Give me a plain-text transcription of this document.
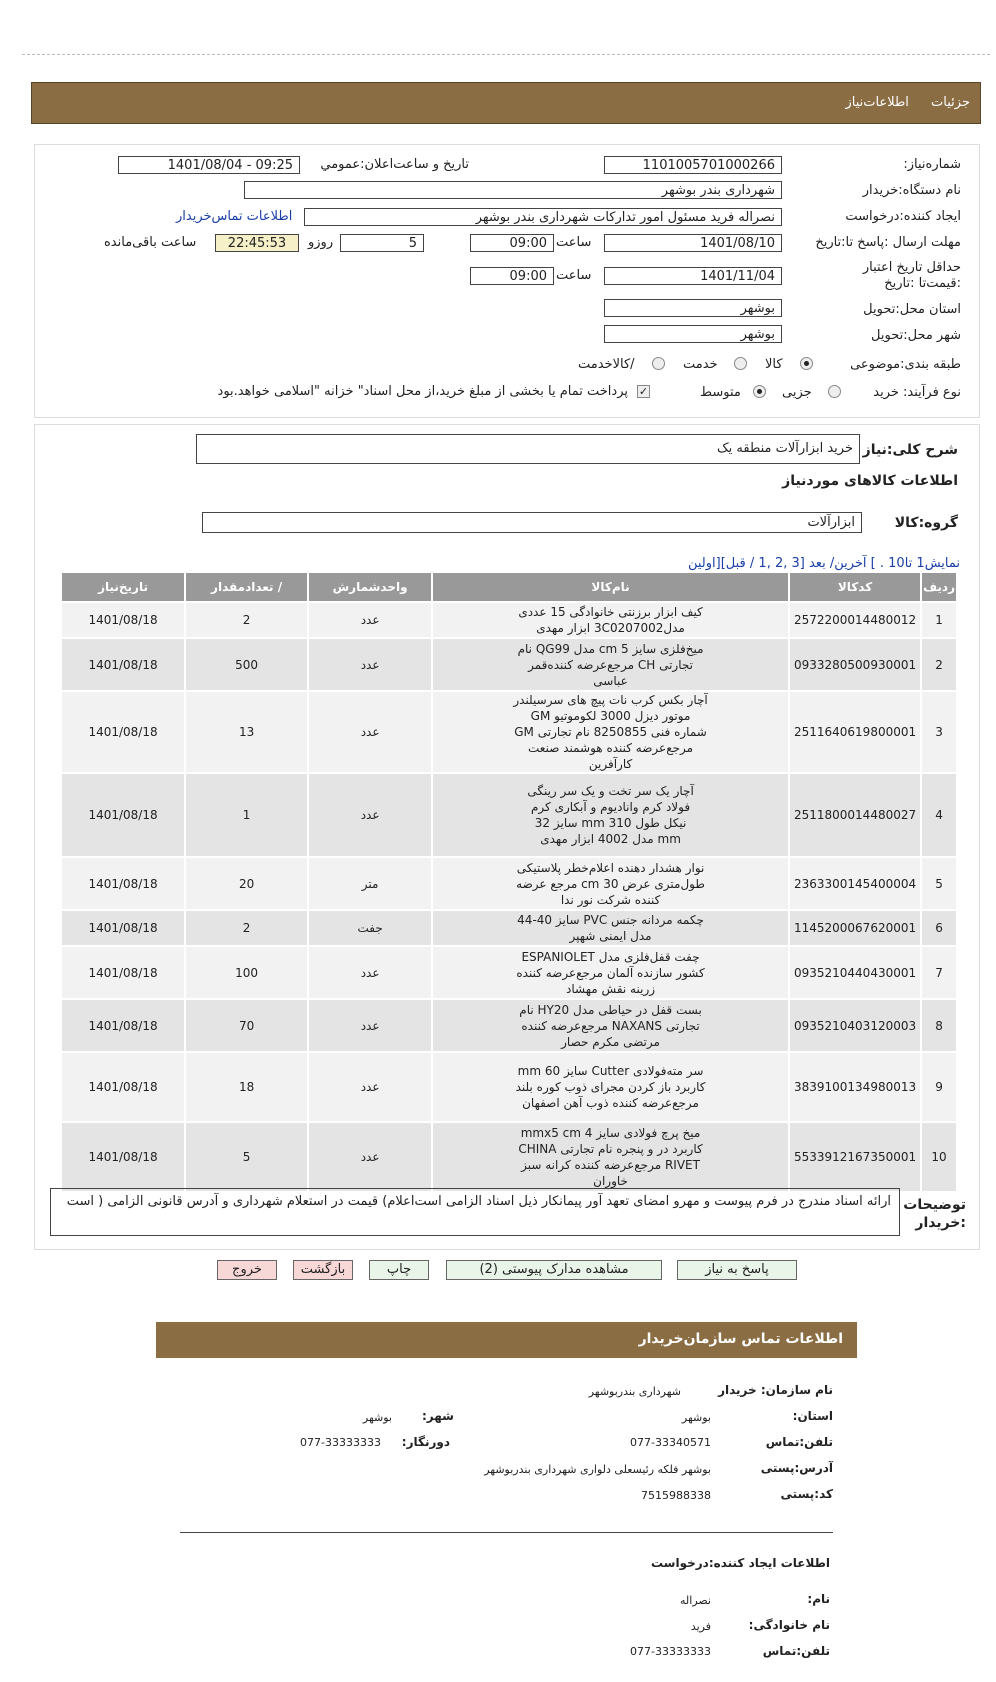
جزئیات اطلاعات‌نیاز
شماره‌نیاز:
1101005701000266
تاریخ و ساعت‌اعلان:عمومي
1401/08/04 - 09:25
نام دستگاه:خریدار
شهرداری بندر بوشهر
ایجاد کننده:درخواست
نصراله فرید مسئول امور تدارکات شهرداری بندر بوشهر
اطلاعات تماس‌خریدار
مهلت ارسال :پاسخ تا:تاریخ
1401/08/10
ساعت
09:00
5
روزو
22:45:53
ساعت باقی‌مانده
حداقل تاریخ اعتبار :قیمت‌تا :تاریخ
1401/11/04
ساعت
09:00
استان محل:تحویل
بوشهر
شهر محل:تحویل
بوشهر
طبقه بندی:موضوعی
کالا
خدمت
/کالاخدمت
نوع فرآیند: خرید
جزیی
متوسط
✓
پرداخت تمام یا بخشی از مبلغ خرید،از محل اسناد" خزانه "اسلامی خواهد.بود
شرح کلی:نیاز
خرید ابزارآلات منطقه یک
اطلاعات کالاهای موردنیاز
گروه:کالا
ابزارآلات
نمایش1 تا10 . ] آخرین/ بعد [3 ,2 ,1 / قبل][اولین
ردیف	کدکالا	نام‌کالا	واحدشمارش	/ تعدادمقدار	تاریخ‌نیاز
1	2572200014480012	کیف ابزار برزنتی خانوادگی 15 عددی مدل3C0207002 ابزار مهدی	عدد	2	1401/08/18
2	0933280500930001	میخ‌فلزی سایز 5 cm مدل QG99 نام تجارتی CH مرجع‌عرضه کننده‌قمر عباسی	عدد	500	1401/08/18
3	2511640619800001	آچار بکس کرب نات پیچ های سرسیلندر موتور دیزل 3000 لکوموتیو GM شماره فنی 8250855 نام تجارتی GM مرجع‌عرضه کننده هوشمند صنعت کارآفرین	عدد	13	1401/08/18
4	2511800014480027	آچار یک سر تخت و یک سر رینگی فولاد کرم وانادیوم و آبکاری کرم نیکل طول 310 mm سایز 32 mm مدل 4002 ابزار مهدی	عدد	1	1401/08/18
5	2363300145400004	نوار هشدار دهنده اعلام‌خطر پلاستیکی طول‌متری عرض 30 cm مرجع عرضه کننده شرکت نور ندا	متر	20	1401/08/18
6	1145200067620001	چکمه مردانه جنس PVC سایز 40-44 مدل ایمنی شهپر	جفت	2	1401/08/18
7	0935210440430001	چفت قفل‌فلزی مدل ESPANIOLET کشور سازنده آلمان مرجع‌عرضه کننده زرینه نقش مهشاد	عدد	100	1401/08/18
8	0935210403120003	بست قفل در حیاطی مدل HY20 نام تجارتی NAXANS مرجع‌عرضه کننده مرتضی مکرم حصار	عدد	70	1401/08/18
9	3839100134980013	سر مته‌فولادی Cutter سایز 60 mm کاربرد باز کردن مجرای ذوب کوره بلند مرجع‌عرضه کننده ذوب آهن اصفهان	عدد	18	1401/08/18
10	5533912167350001	میخ پرچ فولادی سایز 4 mmx5 cm کاربرد در و پنجره نام تجارتی CHINA RIVET مرجع‌عرضه کننده کرانه سبز خاوران	عدد	5	1401/08/18
توضیحات :خریدار
ارائه اسناد مندرج در فرم پیوست و مهرو امضای تعهد آور پیمانکار ذیل اسناد الزامی است‌اعلام) قیمت در استعلام شهرداری و آدرس قانونی الزامی ( است
پاسخ به نیاز
مشاهده مدارک پیوستی (2)
چاپ
بازگشت
خروج
اطلاعات تماس سازمان‌خریدار
نام سازمان: خریدار
شهرداری بندربوشهر
استان:
بوشهر
شهر:
بوشهر
تلفن:تماس
077-33340571
دورنگار:
077-33333333
آدرس:پستی
بوشهر فلکه رئیسعلی دلواری شهرداری بندربوشهر
کد:پستی
7515988338
اطلاعات ایجاد کننده:درخواست
نام:
نصراله
نام خانوادگی:
فرید
تلفن:تماس
077-33333333
